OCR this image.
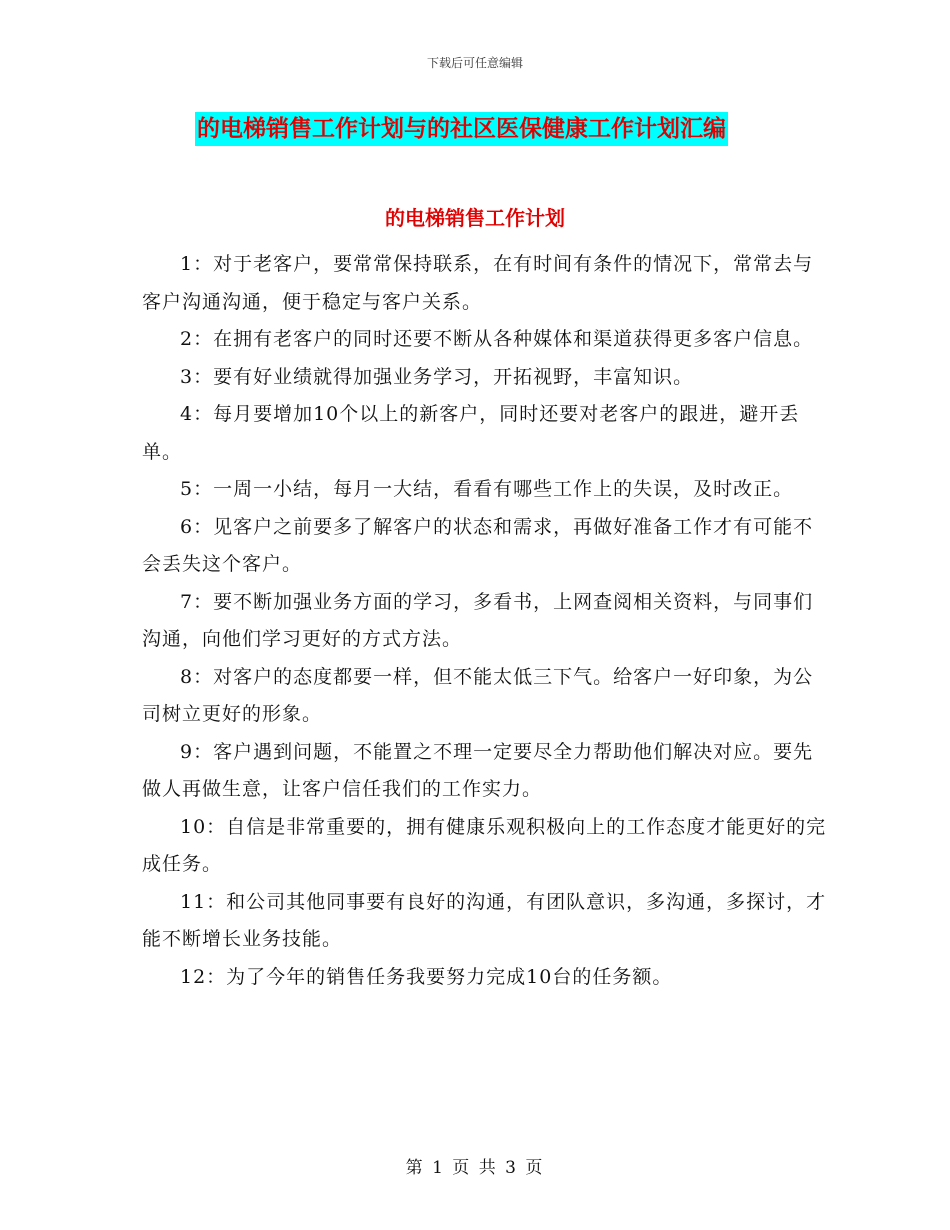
下载后可任意编辑
的电梯销售工作计划与的社区医保健康工作计划汇编
的电梯销售工作计划
1：对于老客户，要常常保持联系，在有时间有条件的情况下，常常去与客户沟通沟通，便于稳定与客户关系。
2：在拥有老客户的同时还要不断从各种媒体和渠道获得更多客户信息。
3：要有好业绩就得加强业务学习，开拓视野，丰富知识。
4：每月要增加10个以上的新客户，同时还要对老客户的跟进，避开丢单。
5：一周一小结，每月一大结，看看有哪些工作上的失误，及时改正。
6：见客户之前要多了解客户的状态和需求，再做好准备工作才有可能不会丢失这个客户。
7：要不断加强业务方面的学习，多看书，上网查阅相关资料，与同事们沟通，向他们学习更好的方式方法。
8：对客户的态度都要一样，但不能太低三下气。给客户一好印象，为公司树立更好的形象。
9：客户遇到问题，不能置之不理一定要尽全力帮助他们解决对应。要先做人再做生意，让客户信任我们的工作实力。
10：自信是非常重要的，拥有健康乐观积极向上的工作态度才能更好的完成任务。
11：和公司其他同事要有良好的沟通，有团队意识，多沟通，多探讨，才能不断增长业务技能。
12：为了今年的销售任务我要努力完成10台的任务额。
第 1 页 共 3 页
